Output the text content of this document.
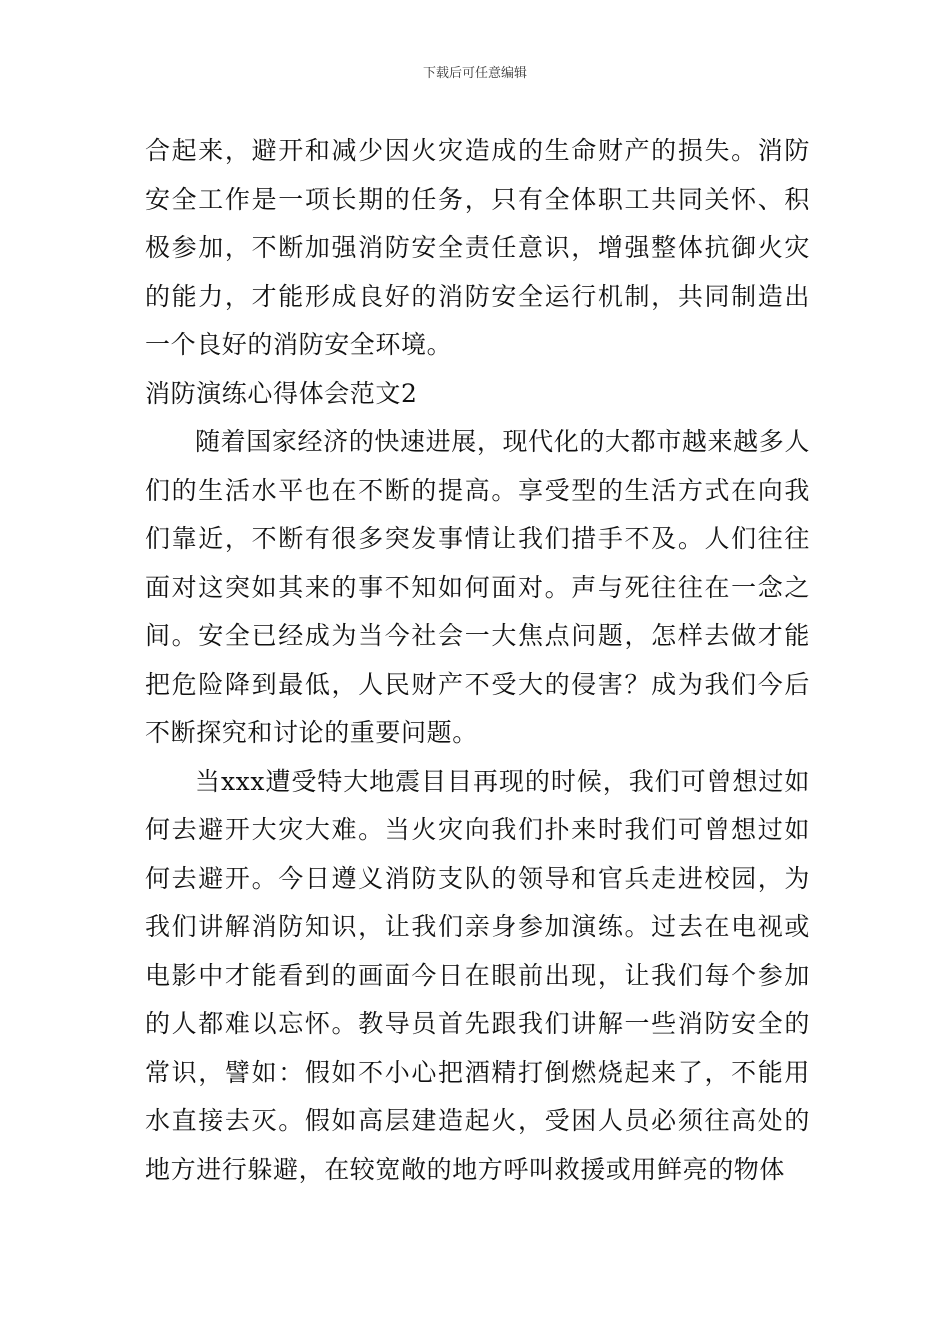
下载后可任意编辑

合起来，避开和减少因火灾造成的生命财产的损失。消防安全工作是一项长期的任务，只有全体职工共同关怀、积极参加，不断加强消防安全责任意识，增强整体抗御火灾的能力，才能形成良好的消防安全运行机制，共同制造出一个良好的消防安全环境。

消防演练心得体会范文2

随着国家经济的快速进展，现代化的大都市越来越多人们的生活水平也在不断的提高。享受型的生活方式在向我们靠近，不断有很多突发事情让我们措手不及。人们往往面对这突如其来的事不知如何面对。声与死往往在一念之间。安全已经成为当今社会一大焦点问题，怎样去做才能把危险降到最低，人民财产不受大的侵害？成为我们今后不断探究和讨论的重要问题。

当xxx遭受特大地震目目再现的时候，我们可曾想过如何去避开大灾大难。当火灾向我们扑来时我们可曾想过如何去避开。今日遵义消防支队的领导和官兵走进校园，为我们讲解消防知识，让我们亲身参加演练。过去在电视或电影中才能看到的画面今日在眼前出现，让我们每个参加的人都难以忘怀。教导员首先跟我们讲解一些消防安全的常识，譬如：假如不小心把酒精打倒燃烧起来了，不能用水直接去灭。假如高层建造起火，受困人员必须往高处的地方进行躲避，在较宽敞的地方呼叫救援或用鲜亮的物体
